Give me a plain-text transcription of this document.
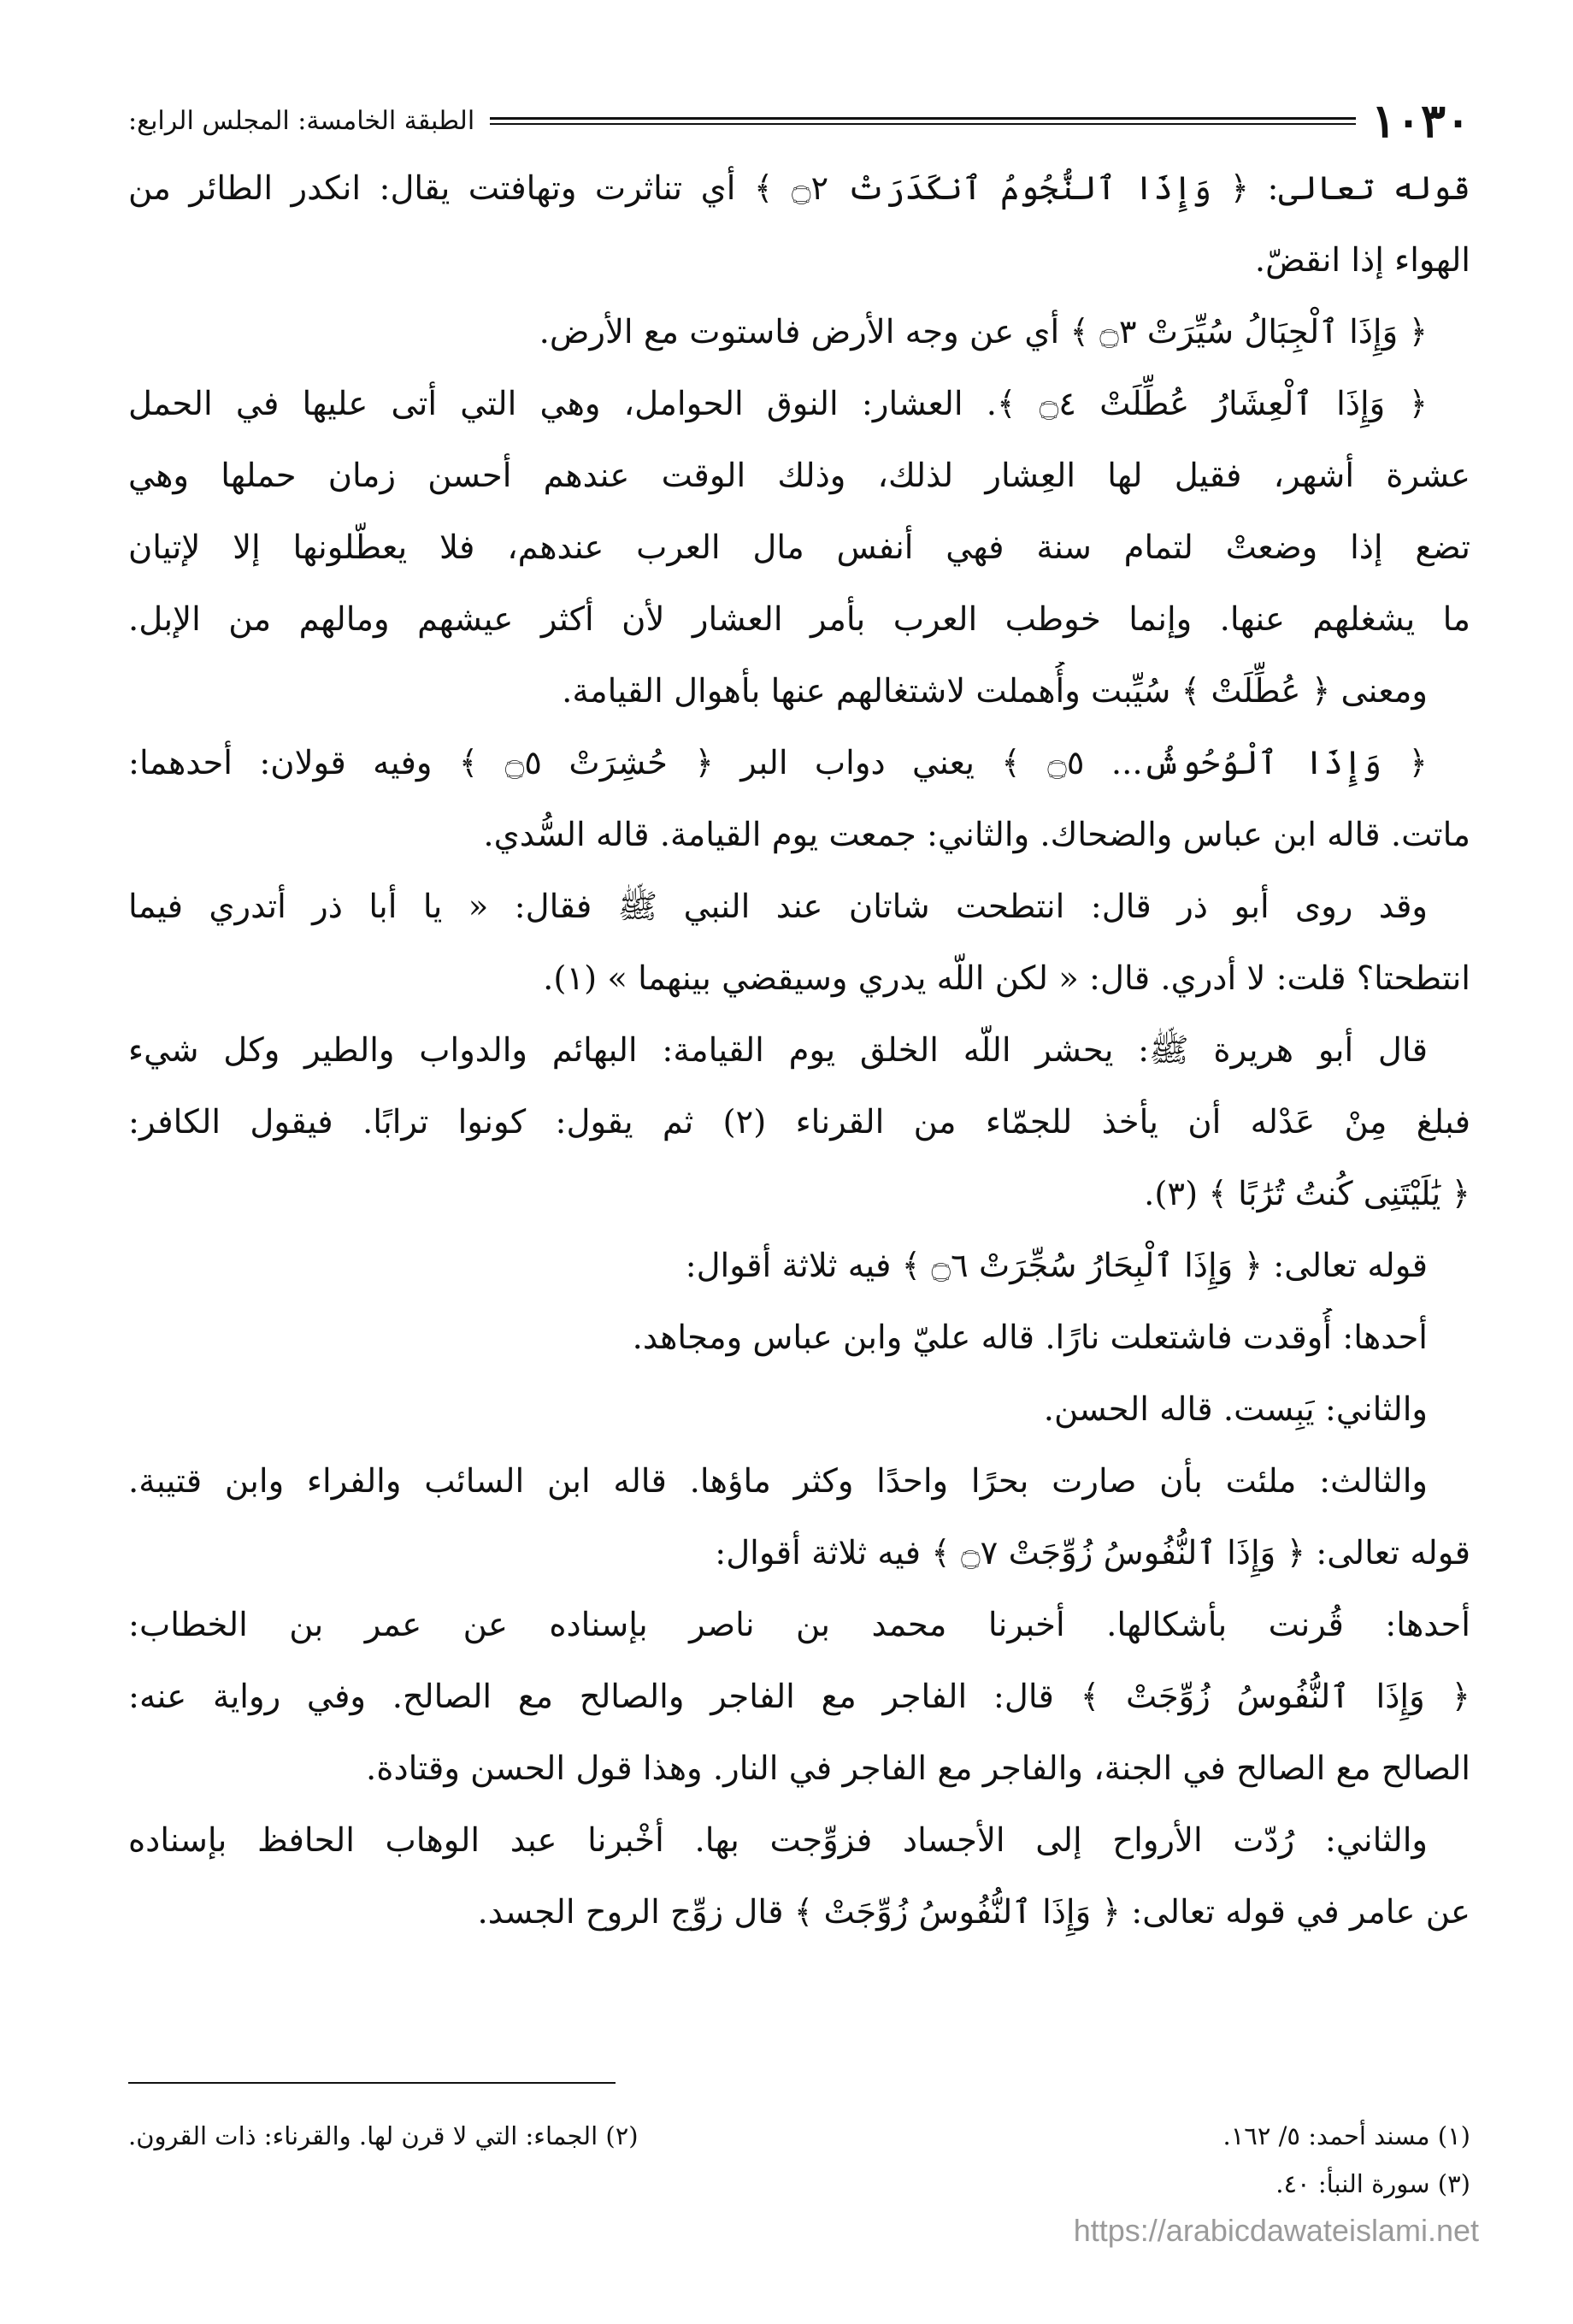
١٠٣٠
الطبقة الخامسة: المجلس الرابع:
قوله تعالى: ﴿ وَإِذَا ٱلنُّجُومُ ٱنكَدَرَتْ ۝٢ ﴾ أي تناثرت وتهافتت يقال: انكدر الطائر من
الهواء إذا انقضّ.
﴿ وَإِذَا ٱلْجِبَالُ سُيِّرَتْ ۝٣ ﴾ أي عن وجه الأرض فاستوت مع الأرض.
﴿ وَإِذَا ٱلْعِشَارُ عُطِّلَتْ ۝٤ ﴾. العشار: النوق الحوامل، وهي التي أتى عليها في الحمل
عشرة أشهر، فقيل لها العِشار لذلك، وذلك الوقت عندهم أحسن زمان حملها وهي
تضع إذا وضعتْ لتمام سنة فهي أنفس مال العرب عندهم، فلا يعطّلونها إلا لإتيان
ما يشغلهم عنها. وإنما خوطب العرب بأمر العشار لأن أكثر عيشهم ومالهم من الإبل.
ومعنى ﴿ عُطِّلَتْ ﴾ سُيِّبت وأُهملت لاشتغالهم عنها بأهوال القيامة.
﴿ وَإِذَا ٱلْوُحُوشُ... ۝٥ ﴾ يعني دواب البر ﴿ حُشِرَتْ ۝٥ ﴾ وفيه قولان: أحدهما:
ماتت. قاله ابن عباس والضحاك. والثاني: جمعت يوم القيامة. قاله السُّدي.
وقد روى أبو ذر قال: انتطحت شاتان عند النبي ﷺ فقال: « يا أبا ذر أتدري فيما
انتطحتا؟ قلت: لا أدري. قال: « لكن اللّه يدري وسيقضي بينهما » (١).
قال أبو هريرة ﷺ: يحشر اللّه الخلق يوم القيامة: البهائم والدواب والطير وكل شيء
فبلغ مِنْ عَدْله أن يأخذ للجمّاء من القرناء (٢) ثم يقول: كونوا ترابًا. فيقول الكافر:
﴿ يَٰلَيْتَنِى كُنتُ تُرَٰبًا ﴾ (٣).
قوله تعالى: ﴿ وَإِذَا ٱلْبِحَارُ سُجِّرَتْ ۝٦ ﴾ فيه ثلاثة أقوال:
أحدها: أُوقدت فاشتعلت نارًا. قاله عليّ وابن عباس ومجاهد.
والثاني: يَبِست. قاله الحسن.
والثالث: ملئت بأن صارت بحرًا واحدًا وكثر ماؤها. قاله ابن السائب والفراء وابن قتيبة.
قوله تعالى: ﴿ وَإِذَا ٱلنُّفُوسُ زُوِّجَتْ ۝٧ ﴾ فيه ثلاثة أقوال:
أحدها: قُرنت بأشكالها. أخبرنا محمد بن ناصر بإسناده عن عمر بن الخطاب:
﴿ وَإِذَا ٱلنُّفُوسُ زُوِّجَتْ ﴾ قال: الفاجر مع الفاجر والصالح مع الصالح. وفي رواية عنه:
الصالح مع الصالح في الجنة، والفاجر مع الفاجر في النار. وهذا قول الحسن وقتادة.
والثاني: رُدّت الأرواح إلى الأجساد فزوِّجت بها. أخْبرنا عبد الوهاب الحافظ بإسناده
عن عامر في قوله تعالى: ﴿ وَإِذَا ٱلنُّفُوسُ زُوِّجَتْ ﴾ قال زوِّج الروح الجسد.
(١) مسند أحمد: ٥/ ١٦٢.
(٢) الجماء: التي لا قرن لها. والقرناء: ذات القرون.
(٣) سورة النبأ: ٤٠.
https://arabicdawateislami.net
